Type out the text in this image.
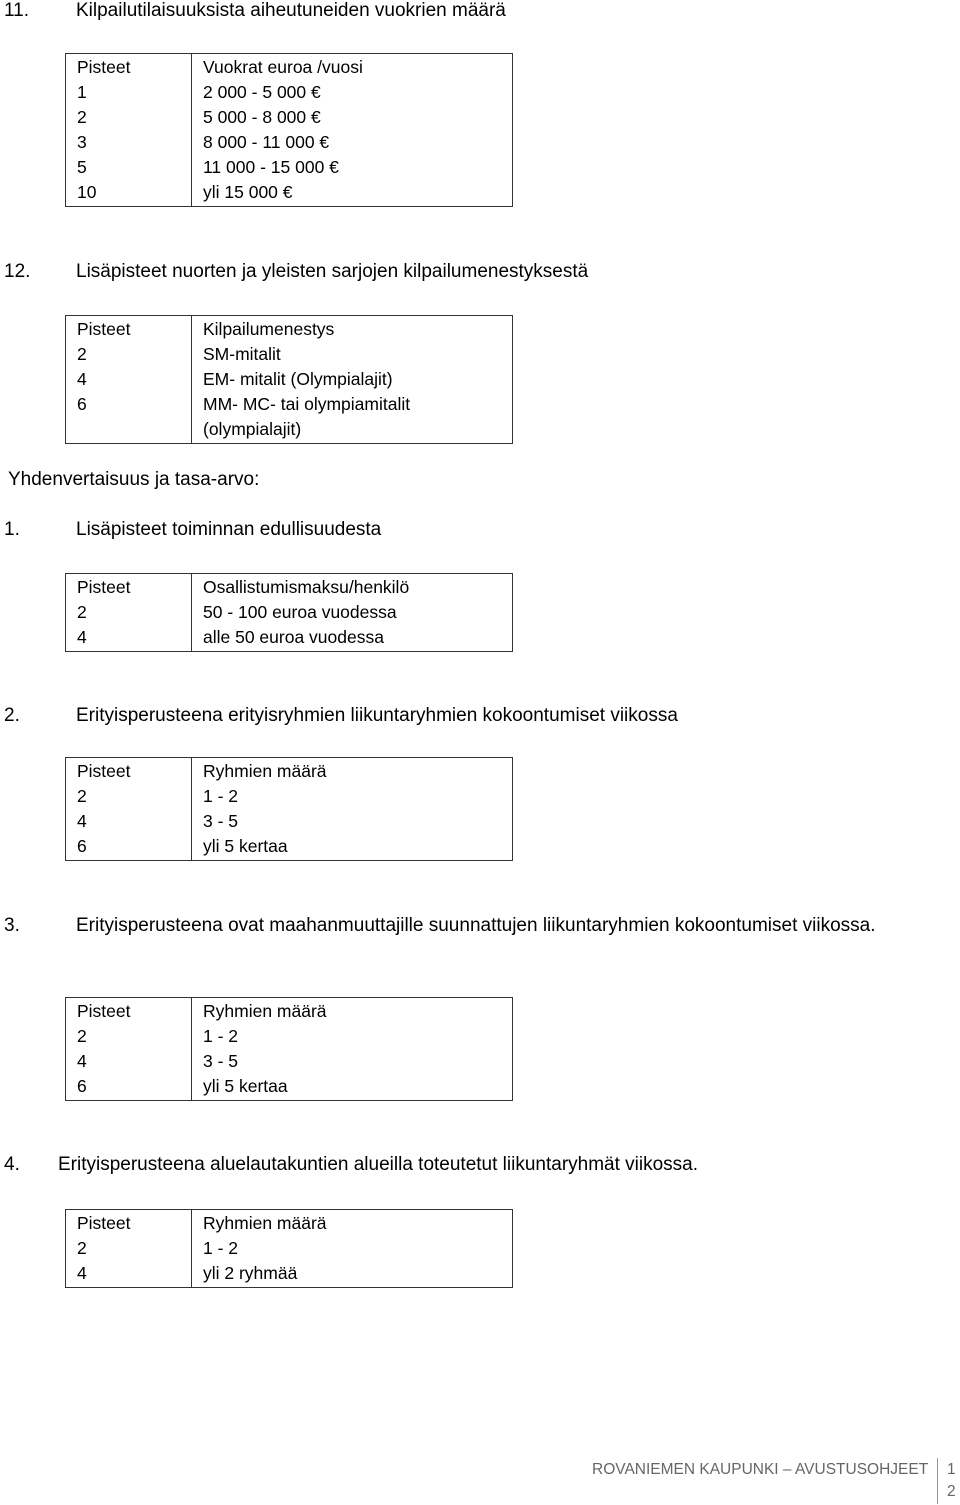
11. Kilpailutilaisuuksista aiheutuneiden vuokrien määrä
Pisteet	Vuokrat euroa /vuosi
1	2 000 - 5 000 €
2	5 000 - 8 000 €
3	8 000 - 11 000 €
5	11 000 - 15 000 €
10	yli 15 000 €
12. Lisäpisteet nuorten ja yleisten sarjojen kilpailumenestyksestä
Pisteet	Kilpailumenestys
2	SM-mitalit
4	EM- mitalit (Olympialajit)
6	MM- MC- tai olympiamitalit
	(olympialajit)
Yhdenvertaisuus ja tasa-arvo:
1.	Lisäpisteet toiminnan edullisuudesta
Pisteet	Osallistumismaksu/henkilö
2	50 - 100 euroa vuodessa
4	alle 50 euroa vuodessa
2.	Erityisperusteena erityisryhmien liikuntaryhmien kokoontumiset viikossa
Pisteet	Ryhmien määrä
2	1 - 2
4	3 - 5
6	yli 5 kertaa
3.	Erityisperusteena ovat maahanmuuttajille suunnattujen liikuntaryhmien kokoontumiset viikossa.
Pisteet	Ryhmien määrä
2	1 - 2
4	3 - 5
6	yli 5 kertaa
4. Erityisperusteena aluelautakuntien alueilla toteutetut liikuntaryhmät viikossa.
Pisteet	Ryhmien määrä
2	1 - 2
4	yli 2 ryhmää
ROVANIEMEN KAUPUNKI – AVUSTUSOHJEET 1
2
